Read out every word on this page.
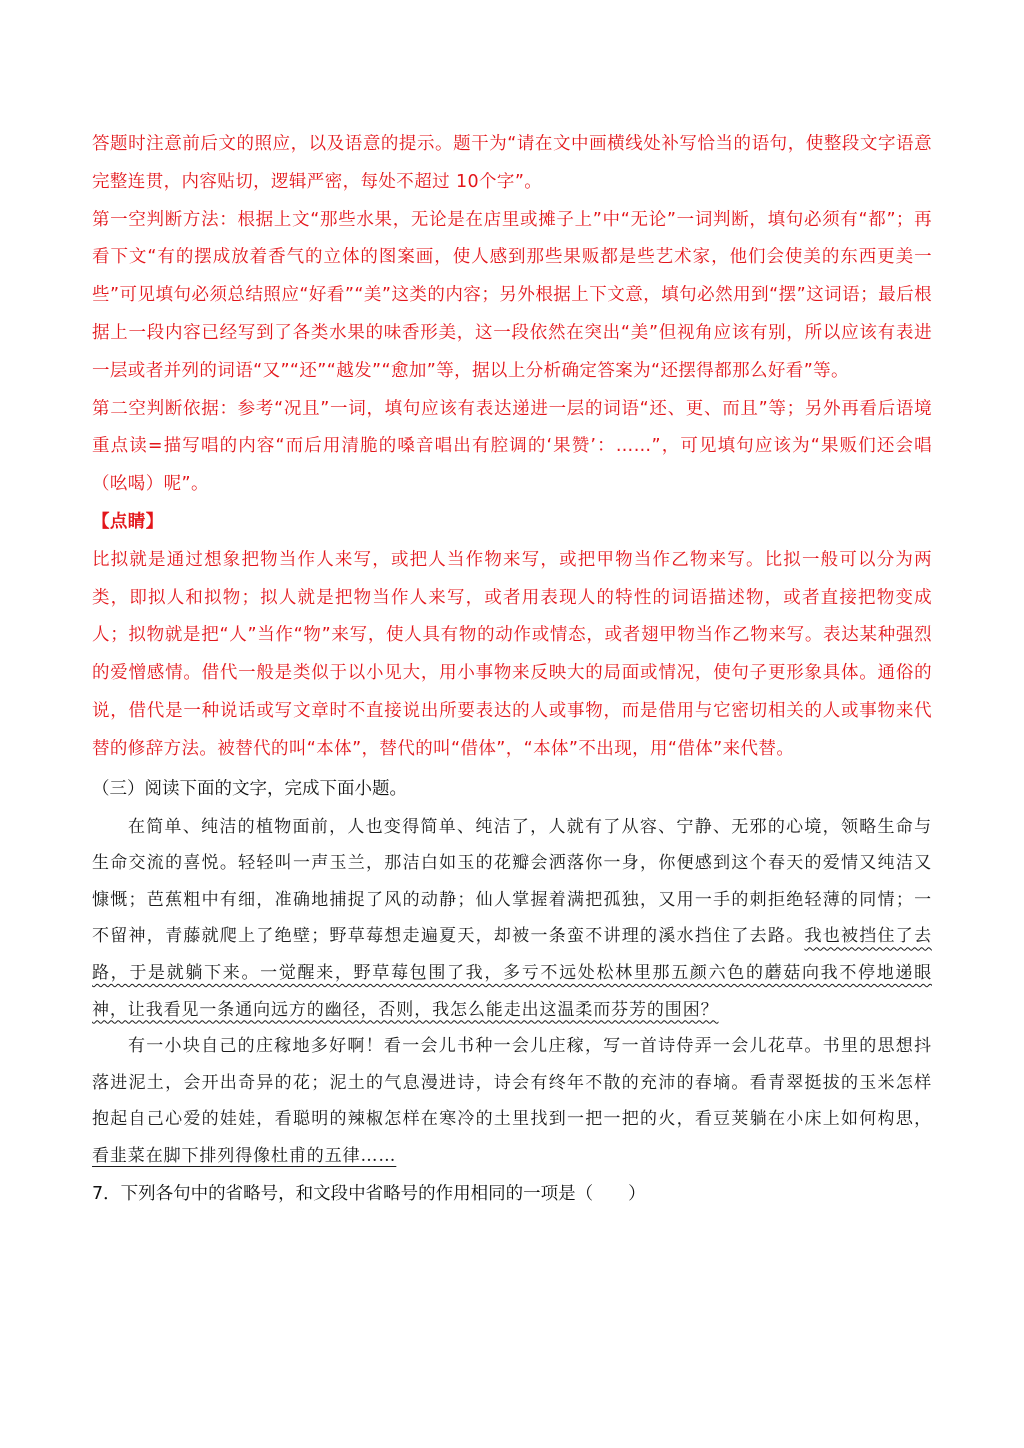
答题时注意前后文的照应，以及语意的提示。题干为“请在文中画横线处补写恰当的语句，使整段文字语意完整连贯，内容贴切，逻辑严密，每处不超过 10个字”。

第一空判断方法：根据上文“那些水果，无论是在店里或摊子上”中“无论”一词判断，填句必须有“都”；再看下文“有的摆成放着香气的立体的图案画，使人感到那些果贩都是些艺术家，他们会使美的东西更美一些”可见填句必须总结照应“好看”“美”这类的内容；另外根据上下文意，填句必然用到“摆”这词语；最后根据上一段内容已经写到了各类水果的味香形美，这一段依然在突出“美”但视角应该有别，所以应该有表进一层或者并列的词语“又”“还”“越发”“愈加”等，据以上分析确定答案为“还摆得都那么好看”等。

第二空判断依据：参考“况且”一词，填句应该有表达递进一层的词语“还、更、而且”等；另外再看后语境重点读=描写唱的内容“而后用清脆的嗓音唱出有腔调的‘果赞’：……”，可见填句应该为“果贩们还会唱（吆喝）呢”。

【点睛】

比拟就是通过想象把物当作人来写，或把人当作物来写，或把甲物当作乙物来写。比拟一般可以分为两类，即拟人和拟物；拟人就是把物当作人来写，或者用表现人的特性的词语描述物，或者直接把物变成人；拟物就是把“人”当作“物”来写，使人具有物的动作或情态，或者翅甲物当作乙物来写。表达某种强烈的爱憎感情。借代一般是类似于以小见大，用小事物来反映大的局面或情况，使句子更形象具体。通俗的说，借代是一种说话或写文章时不直接说出所要表达的人或事物，而是借用与它密切相关的人或事物来代替的修辞方法。被替代的叫“本体”，替代的叫“借体”，“本体”不出现，用“借体”来代替。

（三）阅读下面的文字，完成下面小题。

在简单、纯洁的植物面前，人也变得简单、纯洁了，人就有了从容、宁静、无邪的心境，领略生命与生命交流的喜悦。轻轻叫一声玉兰，那洁白如玉的花瓣会洒落你一身，你便感到这个春天的爱情又纯洁又慷慨；芭蕉粗中有细，准确地捕捉了风的动静；仙人掌握着满把孤独，又用一手的刺拒绝轻薄的同情；一不留神，青藤就爬上了绝壁；野草莓想走遍夏天，却被一条蛮不讲理的溪水挡住了去路。我也被挡住了去路，于是就躺下来。一觉醒来，野草莓包围了我，多亏不远处松林里那五颜六色的蘑菇向我不停地递眼神，让我看见一条通向远方的幽径，否则，我怎么能走出这温柔而芬芳的围困？

有一小块自己的庄稼地多好啊！看一会儿书种一会儿庄稼，写一首诗侍弄一会儿花草。书里的思想抖落进泥土，会开出奇异的花；泥土的气息漫进诗，诗会有终年不散的充沛的春墒。看青翠挺拔的玉米怎样抱起自己心爱的娃娃，看聪明的辣椒怎样在寒冷的土里找到一把一把的火，看豆荚躺在小床上如何构思，看韭菜在脚下排列得像杜甫的五律……

7．下列各句中的省略号，和文段中省略号的作用相同的一项是（　　）
